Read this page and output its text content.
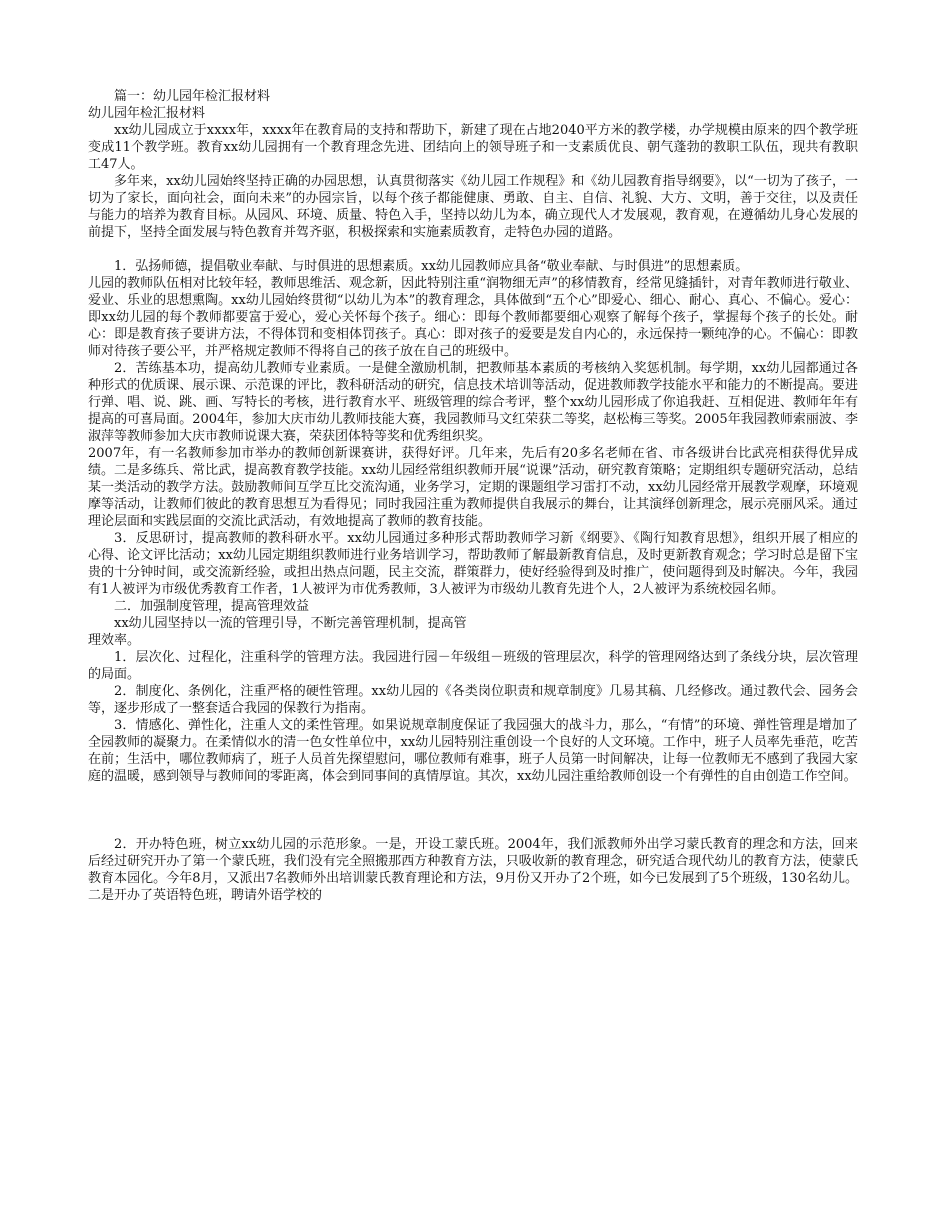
篇一：幼儿园年检汇报材料

幼儿园年检汇报材料

xx幼儿园成立于xxxx年，xxxx年在教育局的支持和帮助下，新建了现在占地2040平方米的教学楼，办学规模由原来的四个教学班变成11个教学班。教育xx幼儿园拥有一个教育理念先进、团结向上的领导班子和一支素质优良、朝气蓬勃的教职工队伍，现共有教职工47人。

多年来，xx幼儿园始终坚持正确的办园思想，认真贯彻落实《幼儿园工作规程》和《幼儿园教育指导纲要》，以“一切为了孩子，一切为了家长，面向社会，面向未来”的办园宗旨，以每个孩子都能健康、勇敢、自主、自信、礼貌、大方、文明，善于交往，以及责任与能力的培养为教育目标。从园风、环境、质量、特色入手，坚持以幼儿为本，确立现代人才发展观，教育观，在遵循幼儿身心发展的前提下，坚持全面发展与特色教育并驾齐驱，积极探索和实施素质教育，走特色办园的道路。

1．弘扬师德，提倡敬业奉献、与时俱进的思想素质。xx幼儿园教师应具备“敬业奉献、与时俱进”的思想素质。

儿园的教师队伍相对比较年轻，教师思维活、观念新，因此特别注重“润物细无声”的移情教育，经常见缝插针，对青年教师进行敬业、爱业、乐业的思想熏陶。xx幼儿园始终贯彻“以幼儿为本”的教育理念，具体做到“五个心”即爱心、细心、耐心、真心、不偏心。爱心：即xx幼儿园的每个教师都要富于爱心，爱心关怀每个孩子。细心：即每个教师都要细心观察了解每个孩子，掌握每个孩子的长处。耐心：即是教育孩子要讲方法，不得体罚和变相体罚孩子。真心：即对孩子的爱要是发自内心的，永远保持一颗纯净的心。不偏心：即教师对待孩子要公平，并严格规定教师不得将自己的孩子放在自己的班级中。

2．苦练基本功，提高幼儿教师专业素质。一是健全激励机制，把教师基本素质的考核纳入奖惩机制。每学期，xx幼儿园都通过各种形式的优质课、展示课、示范课的评比，教科研活动的研究，信息技术培训等活动，促进教师教学技能水平和能力的不断提高。要进行弹、唱、说、跳、画、写特长的考核，进行教育水平、班级管理的综合考评，整个xx幼儿园形成了你追我赶、互相促进、教师年年有提高的可喜局面。2004年，参加大庆市幼儿教师技能大赛，我园教师马文红荣获二等奖，赵松梅三等奖。2005年我园教师索丽波、李淑萍等教师参加大庆市教师说课大赛，荣获团体特等奖和优秀组织奖。

2007年，有一名教师参加市举办的教师创新课赛讲，获得好评。几年来，先后有20多名老师在省、市各级讲台比武亮相获得优异成绩。二是多练兵、常比武，提高教育教学技能。xx幼儿园经常组织教师开展“说课”活动，研究教育策略；定期组织专题研究活动，总结某一类活动的教学方法。鼓励教师间互学互比交流沟通，业务学习，定期的课题组学习雷打不动，xx幼儿园经常开展教学观摩，环境观摩等活动，让教师们彼此的教育思想互为看得见；同时我园注重为教师提供自我展示的舞台，让其演绎创新理念，展示亮丽风采。通过理论层面和实践层面的交流比武活动，有效地提高了教师的教育技能。

3．反思研讨，提高教师的教科研水平。xx幼儿园通过多种形式帮助教师学习新《纲要》、《陶行知教育思想》，组织开展了相应的心得、论文评比活动；xx幼儿园定期组织教师进行业务培训学习，帮助教师了解最新教育信息，及时更新教育观念；学习时总是留下宝贵的十分钟时间，或交流新经验，或担出热点问题，民主交流，群策群力，使好经验得到及时推广，使问题得到及时解决。今年，我园有1人被评为市级优秀教育工作者，1人被评为市优秀教师，3人被评为市级幼儿教育先进个人，2人被评为系统校园名师。

二．加强制度管理，提高管理效益

xx幼儿园坚持以一流的管理引导，不断完善管理机制，提高管

理效率。

1．层次化、过程化，注重科学的管理方法。我园进行园－年级组－班级的管理层次，科学的管理网络达到了条线分块，层次管理的局面。

2．制度化、条例化，注重严格的硬性管理。xx幼儿园的《各类岗位职责和规章制度》几易其稿、几经修改。通过教代会、园务会等，逐步形成了一整套适合我园的保教行为指南。

3．情感化、弹性化，注重人文的柔性管理。如果说规章制度保证了我园强大的战斗力，那么，“有情”的环境、弹性管理是增加了全园教师的凝聚力。在柔情似水的清一色女性单位中，xx幼儿园特别注重创设一个良好的人文环境。工作中，班子人员率先垂范，吃苦在前；生活中，哪位教师病了，班子人员首先探望慰问，哪位教师有难事，班子人员第一时间解决，让每一位教师无不感到了我园大家庭的温暖，感到领导与教师间的零距离，体会到同事间的真情厚谊。其次，xx幼儿园注重给教师创设一个有弹性的自由创造工作空间。

2．开办特色班，树立xx幼儿园的示范形象。一是，开设工蒙氏班。2004年，我们派教师外出学习蒙氏教育的理念和方法，回来后经过研究开办了第一个蒙氏班，我们没有完全照搬那西方种教育方法，只吸收新的教育理念，研究适合现代幼儿的教育方法，使蒙氏教育本园化。今年8月，又派出7名教师外出培训蒙氏教育理论和方法，9月份又开办了2个班，如今已发展到了5个班级，130名幼儿。二是开办了英语特色班，聘请外语学校的
